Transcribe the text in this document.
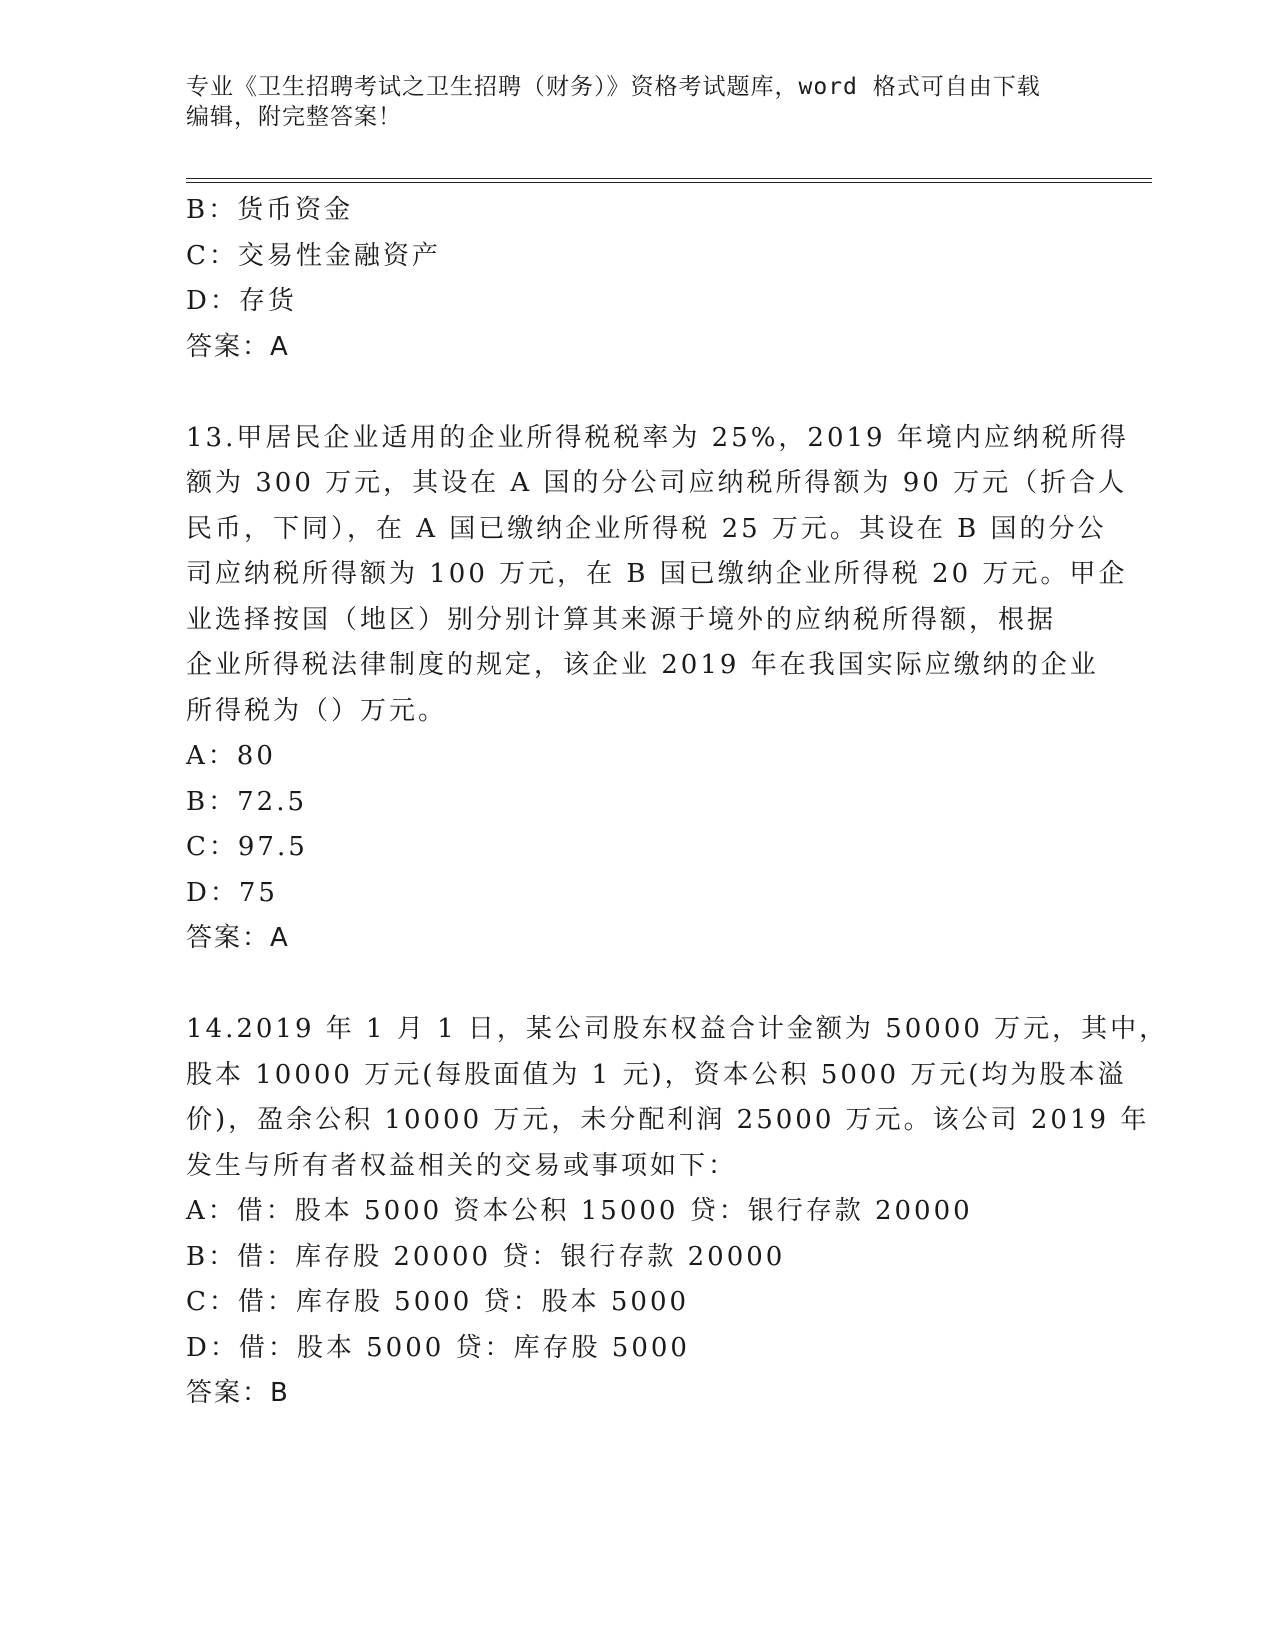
专业《卫生招聘考试之卫生招聘（财务）》资格考试题库，word 格式可自由下载
编辑，附完整答案！
B：货币资金
C：交易性金融资产
D：存货
答案：A
13.甲居民企业适用的企业所得税税率为 25%，2019 年境内应纳税所得
额为 300 万元，其设在 A 国的分公司应纳税所得额为 90 万元（折合人
民币，下同），在 A 国已缴纳企业所得税 25 万元。其设在 B 国的分公
司应纳税所得额为 100 万元，在 B 国已缴纳企业所得税 20 万元。甲企
业选择按国（地区）别分别计算其来源于境外的应纳税所得额，根据
企业所得税法律制度的规定，该企业 2019 年在我国实际应缴纳的企业
所得税为（）万元。
A：80
B：72.5
C：97.5
D：75
答案：A
14.2019 年 1 月 1 日，某公司股东权益合计金额为 50000 万元，其中，
股本 10000 万元(每股面值为 1 元)，资本公积 5000 万元(均为股本溢
价)，盈余公积 10000 万元，未分配利润 25000 万元。该公司 2019 年
发生与所有者权益相关的交易或事项如下：
A：借：股本 5000 资本公积 15000 贷：银行存款 20000
B：借：库存股 20000 贷：银行存款 20000
C：借：库存股 5000 贷：股本 5000
D：借：股本 5000 贷：库存股 5000
答案：B
